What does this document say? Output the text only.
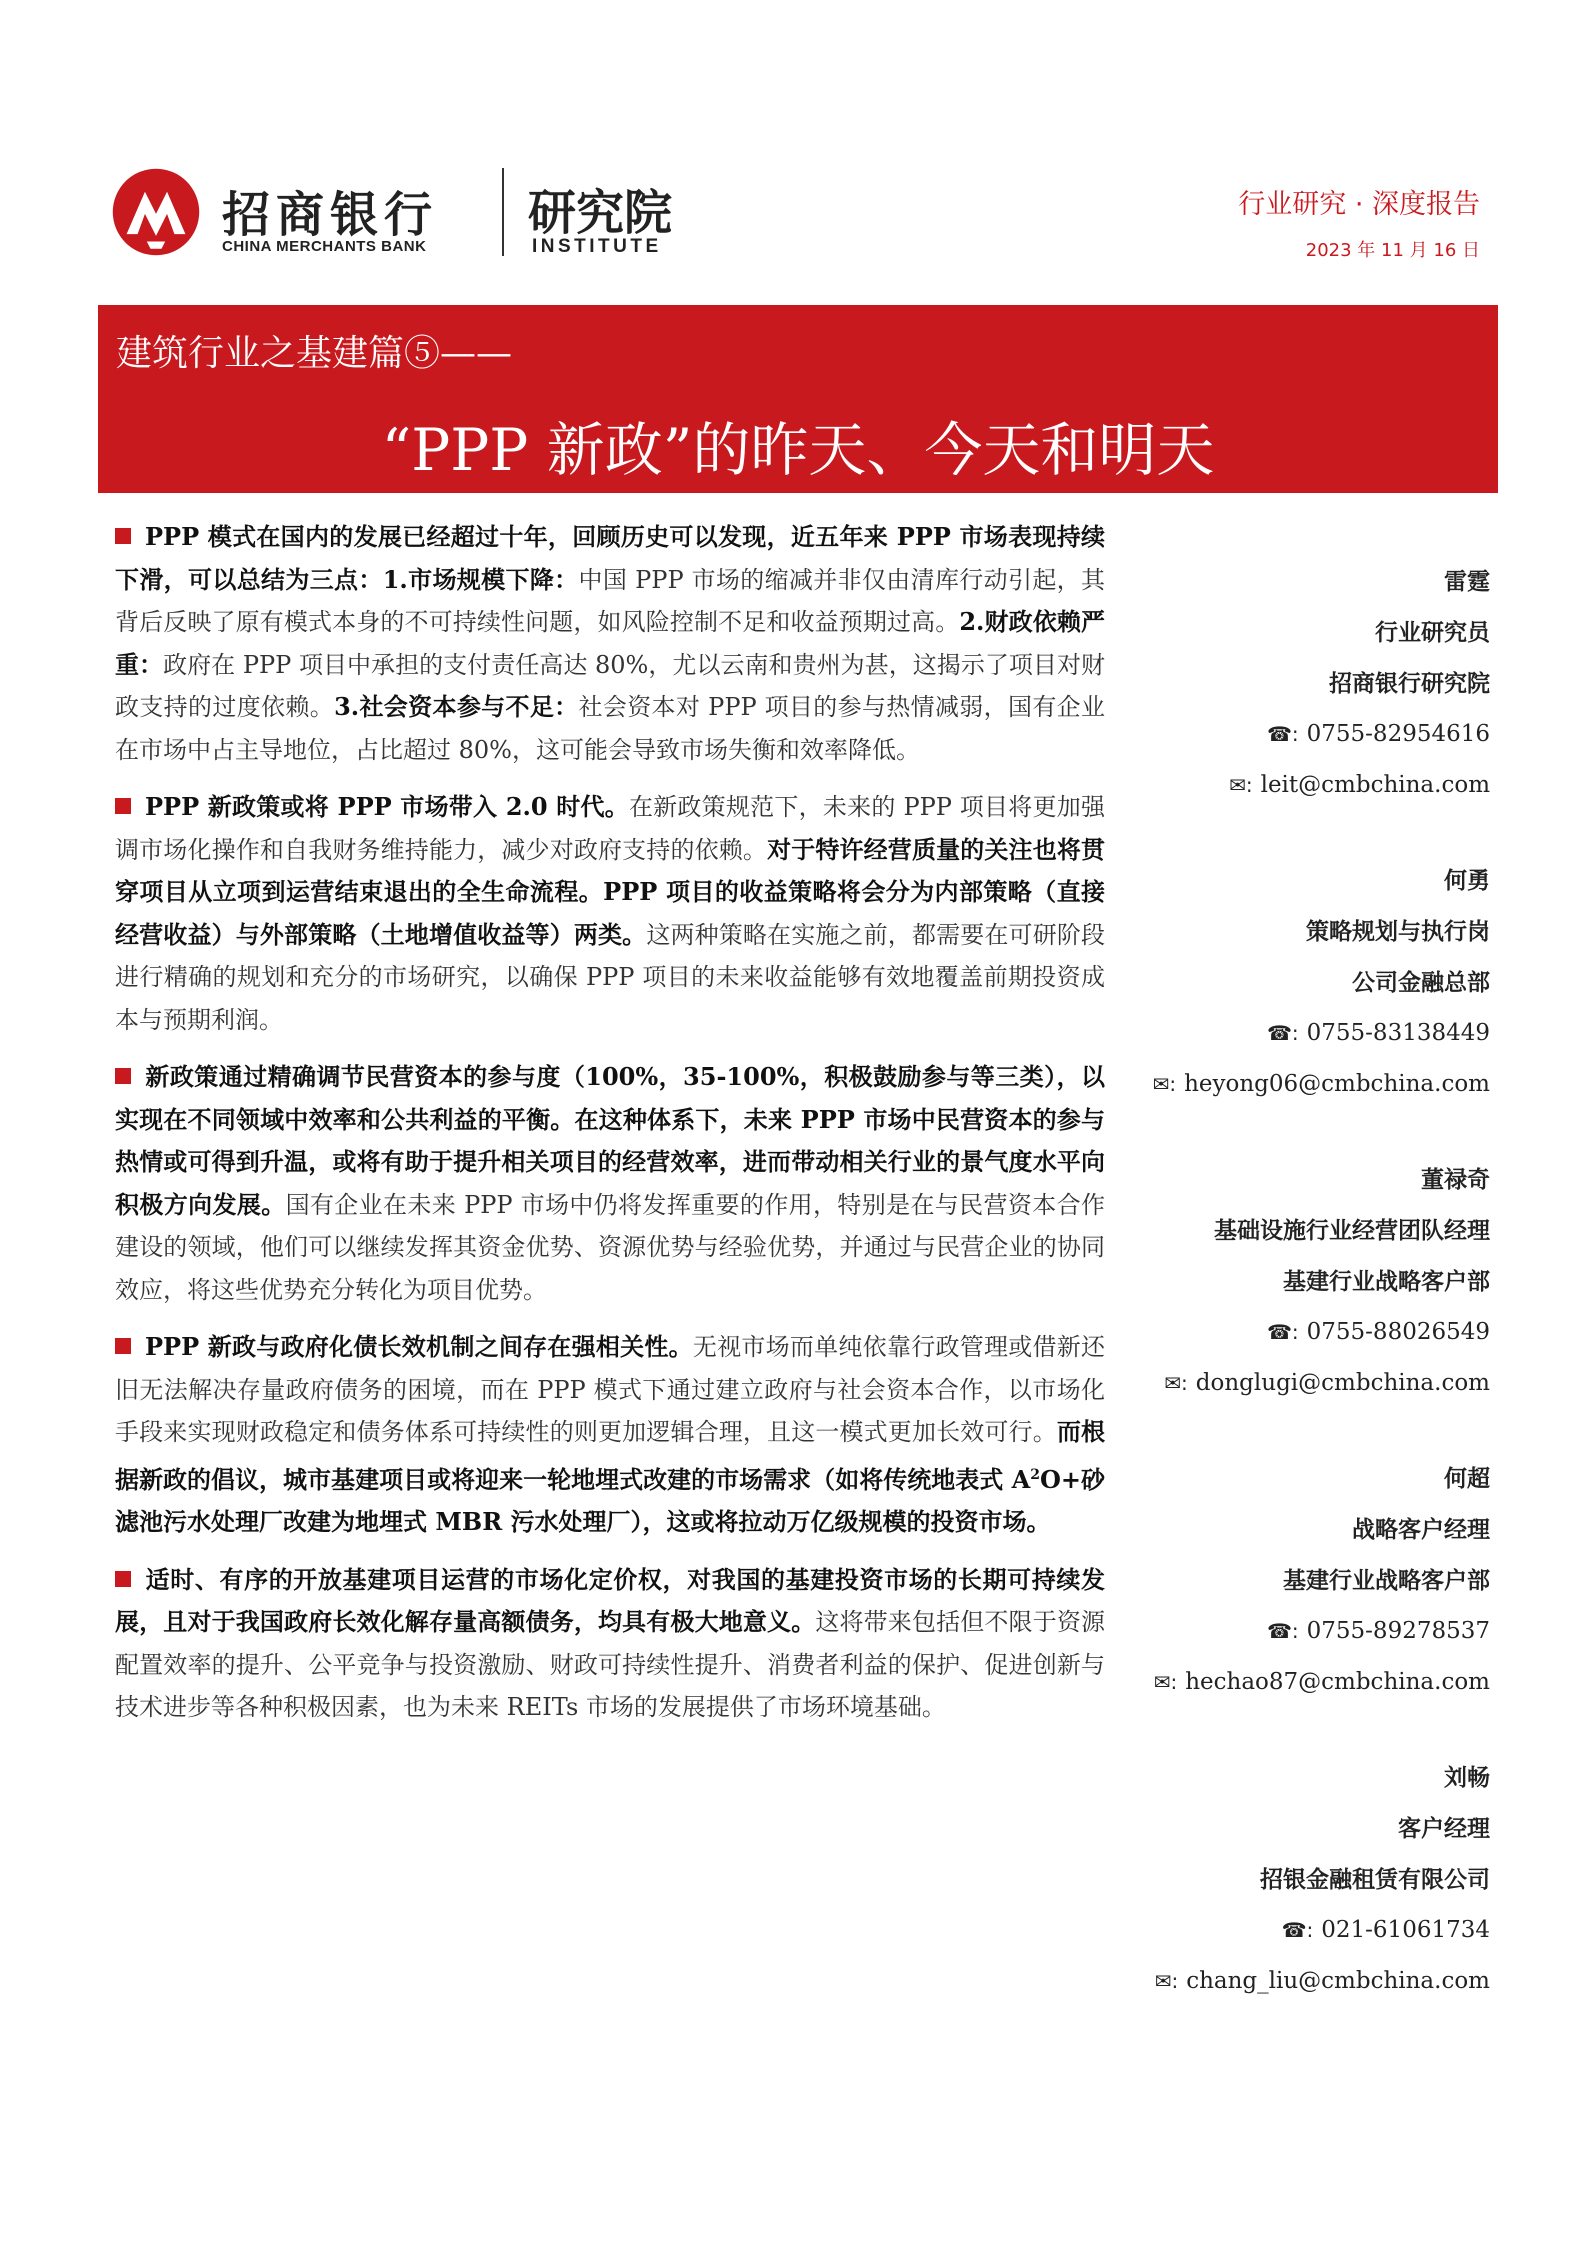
招商银行
CHINA MERCHANTS BANK
研究院
INSTITUTE
行业研究 · 深度报告
2023 年 11 月 16 日
建筑行业之基建篇⑤——
“PPP 新政”的昨天、今天和明天
PPP 模式在国内的发展已经超过十年，回顾历史可以发现，近五年来 PPP 市场表现持续下滑，可以总结为三点：1.市场规模下降：中国 PPP 市场的缩减并非仅由清库行动引起，其背后反映了原有模式本身的不可持续性问题，如风险控制不足和收益预期过高。2.财政依赖严重：政府在 PPP 项目中承担的支付责任高达 80%，尤以云南和贵州为甚，这揭示了项目对财政支持的过度依赖。3.社会资本参与不足：社会资本对 PPP 项目的参与热情减弱，国有企业在市场中占主导地位，占比超过 80%，这可能会导致市场失衡和效率降低。
PPP 新政策或将 PPP 市场带入 2.0 时代。在新政策规范下，未来的 PPP 项目将更加强调市场化操作和自我财务维持能力，减少对政府支持的依赖。对于特许经营质量的关注也将贯穿项目从立项到运营结束退出的全生命流程。PPP 项目的收益策略将会分为内部策略（直接经营收益）与外部策略（土地增值收益等）两类。这两种策略在实施之前，都需要在可研阶段进行精确的规划和充分的市场研究，以确保 PPP 项目的未来收益能够有效地覆盖前期投资成本与预期利润。
新政策通过精确调节民营资本的参与度（100%，35-100%，积极鼓励参与等三类），以实现在不同领域中效率和公共利益的平衡。在这种体系下，未来 PPP 市场中民营资本的参与热情或可得到升温，或将有助于提升相关项目的经营效率，进而带动相关行业的景气度水平向积极方向发展。国有企业在未来 PPP 市场中仍将发挥重要的作用，特别是在与民营资本合作建设的领域，他们可以继续发挥其资金优势、资源优势与经验优势，并通过与民营企业的协同效应，将这些优势充分转化为项目优势。
PPP 新政与政府化债长效机制之间存在强相关性。无视市场而单纯依靠行政管理或借新还旧无法解决存量政府债务的困境，而在 PPP 模式下通过建立政府与社会资本合作，以市场化手段来实现财政稳定和债务体系可持续性的则更加逻辑合理，且这一模式更加长效可行。而根据新政的倡议，城市基建项目或将迎来一轮地埋式改建的市场需求（如将传统地表式 $A^2O+$砂滤池污水处理厂改建为地埋式 MBR 污水处理厂），这或将拉动万亿级规模的投资市场。
适时、有序的开放基建项目运营的市场化定价权，对我国的基建投资市场的长期可持续发展，且对于我国政府长效化解存量高额债务，均具有极大地意义。这将带来包括但不限于资源配置效率的提升、公平竞争与投资激励、财政可持续性提升、消费者利益的保护、促进创新与技术进步等各种积极因素，也为未来 REITs 市场的发展提供了市场环境基础。
雷霆
行业研究员
招商银行研究院
☎: 0755-82954616
✉: leit@cmbchina.com
何勇
策略规划与执行岗
公司金融总部
☎: 0755-83138449
✉: heyong06@cmbchina.com
董禄奇
基础设施行业经营团队经理
基建行业战略客户部
☎: 0755-88026549
✉: donglugi@cmbchina.com
何超
战略客户经理
基建行业战略客户部
☎: 0755-89278537
✉: hechao87@cmbchina.com
刘畅
客户经理
招银金融租赁有限公司
☎: 021-61061734
✉: chang_liu@cmbchina.com
